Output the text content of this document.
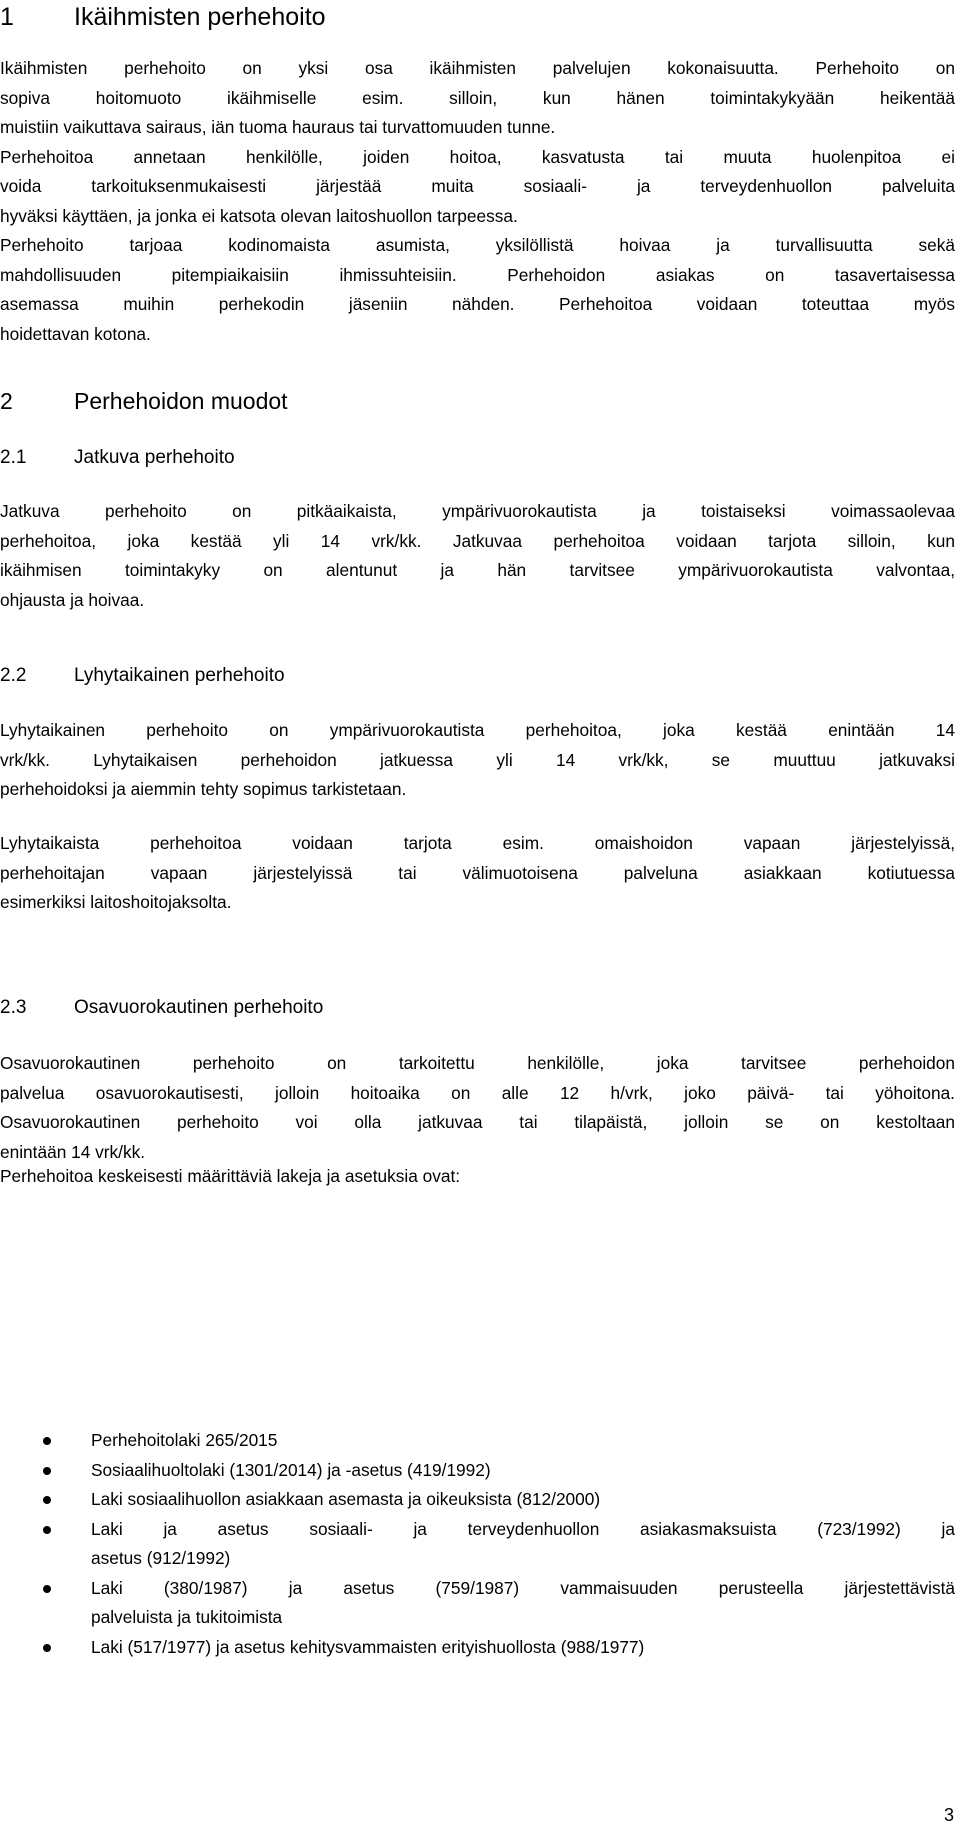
1 Ikäihmisten perhehoito
Ikäihmisten perhehoito on yksi osa ikäihmisten palvelujen kokonaisuutta. Perhehoito on
sopiva hoitomuoto ikäihmiselle esim. silloin, kun hänen toimintakykyään heikentää
muistiin vaikuttava sairaus, iän tuoma hauraus tai turvattomuuden tunne.
Perhehoitoa annetaan henkilölle, joiden hoitoa, kasvatusta tai muuta huolenpitoa ei
voida tarkoituksenmukaisesti järjestää muita sosiaali- ja terveydenhuollon palveluita
hyväksi käyttäen, ja jonka ei katsota olevan laitoshuollon tarpeessa.
Perhehoito tarjoaa kodinomaista asumista, yksilöllistä hoivaa ja turvallisuutta sekä
mahdollisuuden pitempiaikaisiin ihmissuhteisiin. Perhehoidon asiakas on tasavertaisessa
asemassa muihin perhekodin jäseniin nähden. Perhehoitoa voidaan toteuttaa myös
hoidettavan kotona.
2	Perhehoidon muodot
2.1	Jatkuva perhehoito
Jatkuva perhehoito on pitkäaikaista, ympärivuorokautista ja toistaiseksi voimassaolevaa
perhehoitoa, joka kestää yli 14 vrk/kk. Jatkuvaa perhehoitoa voidaan tarjota silloin, kun
ikäihmisen toimintakyky on alentunut ja hän tarvitsee ympärivuorokautista valvontaa,
ohjausta ja hoivaa.
2.2	Lyhytaikainen perhehoito
Lyhytaikainen perhehoito on ympärivuorokautista perhehoitoa, joka kestää enintään 14
vrk/kk. Lyhytaikaisen perhehoidon jatkuessa yli 14 vrk/kk, se muuttuu jatkuvaksi
perhehoidoksi ja aiemmin tehty sopimus tarkistetaan.
Lyhytaikaista perhehoitoa voidaan tarjota esim. omaishoidon vapaan järjestelyissä,
perhehoitajan vapaan järjestelyissä tai välimuotoisena palveluna asiakkaan kotiutuessa
esimerkiksi laitoshoitojaksolta.
2.3	Osavuorokautinen perhehoito
Osavuorokautinen perhehoito on tarkoitettu henkilölle, joka tarvitsee perhehoidon
palvelua osavuorokautisesti, jolloin hoitoaika on alle 12 h/vrk, joko päivä- tai yöhoitona.
Osavuorokautinen perhehoito voi olla jatkuvaa tai tilapäistä, jolloin se on kestoltaan
enintään 14 vrk/kk.
Perhehoitoa keskeisesti määrittäviä lakeja ja asetuksia ovat:
Perhehoitolaki 265/2015
Sosiaalihuoltolaki (1301/2014) ja -asetus (419/1992)
Laki sosiaalihuollon asiakkaan asemasta ja oikeuksista (812/2000)
Laki ja asetus sosiaali- ja terveydenhuollon asiakasmaksuista (723/1992) ja
asetus (912/1992)
Laki (380/1987) ja asetus (759/1987) vammaisuuden perusteella järjestettävistä
palveluista ja tukitoimista
Laki (517/1977) ja asetus kehitysvammaisten erityishuollosta (988/1977)
3
